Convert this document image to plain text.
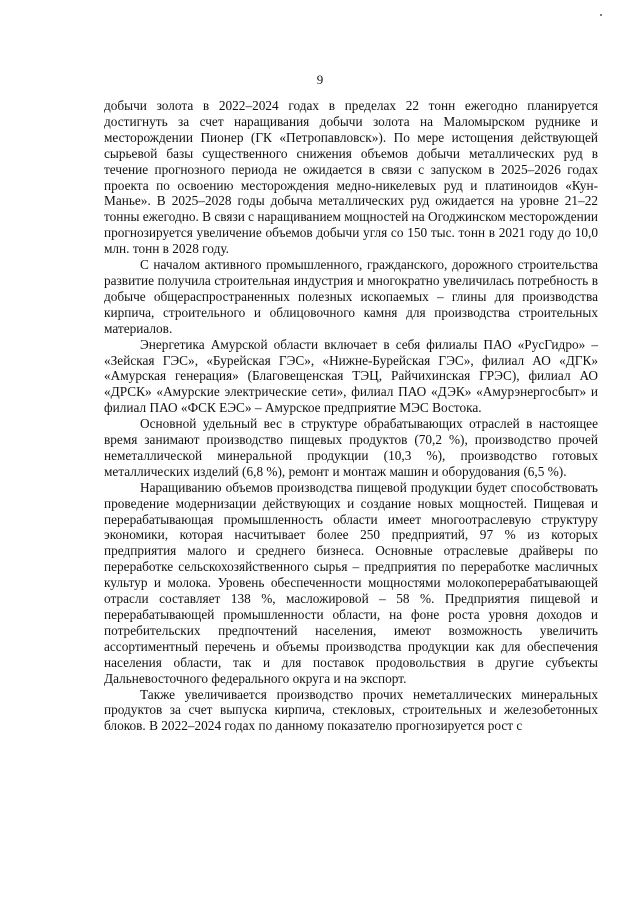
9

добычи золота в 2022–2024 годах в пределах 22 тонн ежегодно планируется достигнуть за счет наращивания добычи золота на Маломырском руднике и месторождении Пионер (ГК «Петропавловск»). По мере истощения действующей сырьевой базы существенного снижения объемов добычи металлических руд в течение прогнозного периода не ожидается в связи с запуском в 2025–2026 годах проекта по освоению месторождения медно-никелевых руд и платиноидов «Кун-Манье». В 2025–2028 годы добыча металлических руд ожидается на уровне 21–22 тонны ежегодно. В связи с наращиванием мощностей на Огоджинском месторождении прогнозируется увеличение объемов добычи угля со 150 тыс. тонн в 2021 году до 10,0 млн. тонн в 2028 году.

С началом активного промышленного, гражданского, дорожного строительства развитие получила строительная индустрия и многократно увеличилась потребность в добыче общераспространенных полезных ископаемых – глины для производства кирпича, строительного и облицовочного камня для производства строительных материалов.

Энергетика Амурской области включает в себя филиалы ПАО «РусГидро» – «Зейская ГЭС», «Бурейская ГЭС», «Нижне-Бурейская ГЭС», филиал АО «ДГК» «Амурская генерация» (Благовещенская ТЭЦ, Райчихинская ГРЭС), филиал АО «ДРСК» «Амурские электрические сети», филиал ПАО «ДЭК» «Амурэнергосбыт» и филиал ПАО «ФСК ЕЭС» – Амурское предприятие МЭС Востока.

Основной удельный вес в структуре обрабатывающих отраслей в настоящее время занимают производство пищевых продуктов (70,2 %), производство прочей неметаллической минеральной продукции (10,3 %), производство готовых металлических изделий (6,8 %), ремонт и монтаж машин и оборудования (6,5 %).

Наращиванию объемов производства пищевой продукции будет способствовать проведение модернизации действующих и создание новых мощностей. Пищевая и перерабатывающая промышленность области имеет многоотраслевую структуру экономики, которая насчитывает более 250 предприятий, 97 % из которых предприятия малого и среднего бизнеса. Основные отраслевые драйверы по переработке сельскохозяйственного сырья – предприятия по переработке масличных культур и молока. Уровень обеспеченности мощностями молокоперерабатывающей отрасли составляет 138 %, масложировой – 58 %. Предприятия пищевой и перерабатывающей промышленности области, на фоне роста уровня доходов и потребительских предпочтений населения, имеют возможность увеличить ассортиментный перечень и объемы производства продукции как для обеспечения населения области, так и для поставок продовольствия в другие субъекты Дальневосточного федерального округа и на экспорт.

Также увеличивается производство прочих неметаллических минеральных продуктов за счет выпуска кирпича, стекловых, строительных и железобетонных блоков. В 2022–2024 годах по данному показателю прогнозируется рост с
